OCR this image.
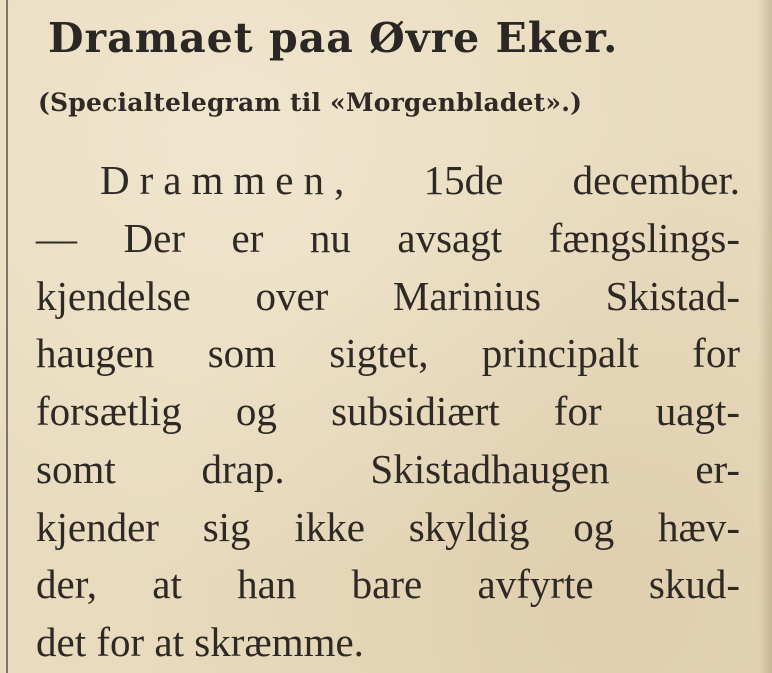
Dramaet paa Øvre Eker.

(Specialtelegram til «Morgenbladet».)

Drammen, 15de december.

— Der er nu avsagt fængslings-

kjendelse over Marinius Skistad-

haugen som sigtet, principalt for

forsætlig og subsidiært for uagt-

somt drap. Skistadhaugen er-

kjender sig ikke skyldig og hæv-

der, at han bare avfyrte skud-

det for at skræmme.
